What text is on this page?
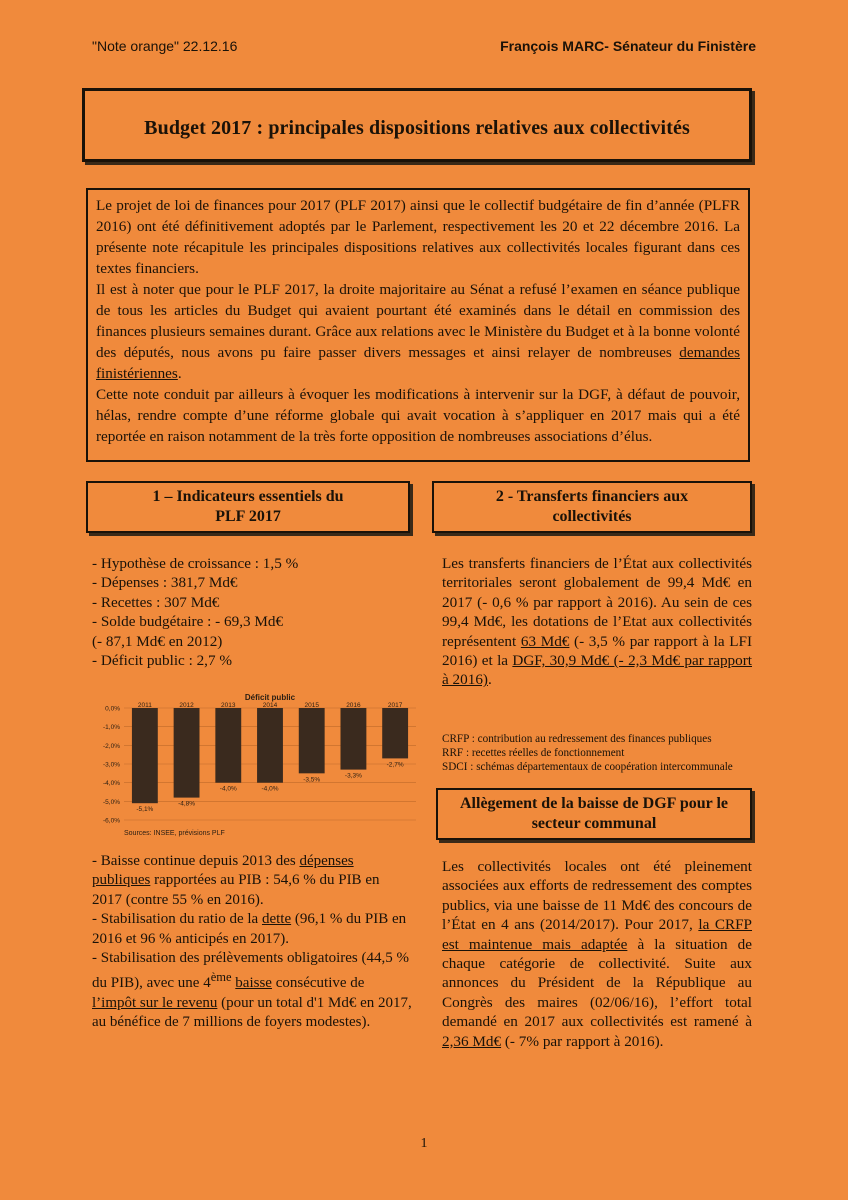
"Note orange" 22.12.16	François MARC- Sénateur du Finistère
Budget 2017 : principales dispositions relatives aux collectivités

Le projet de loi de finances pour 2017 (PLF 2017) ainsi que le collectif budgétaire de fin d’année (PLFR 2016) ont été définitivement adoptés par le Parlement, respectivement les 20 et 22 décembre 2016. La présente note récapitule les principales dispositions relatives aux collectivités locales figurant dans ces textes financiers.

Il est à noter que pour le PLF 2017, la droite majoritaire au Sénat a refusé l’examen en séance publique de tous les articles du Budget qui avaient pourtant été examinés dans le détail en commission des finances plusieurs semaines durant. Grâce aux relations avec le Ministère du Budget et à la bonne volonté des députés, nous avons pu faire passer divers messages et ainsi relayer de nombreuses demandes finistériennes.

Cette note conduit par ailleurs à évoquer les modifications à intervenir sur la DGF, à défaut de pouvoir, hélas, rendre compte d’une réforme globale qui avait vocation à s’appliquer en 2017 mais qui a été reportée en raison notamment de la très forte opposition de nombreuses associations d’élus.

1 – Indicateurs essentiels du
PLF 2017
2 - Transferts financiers aux
collectivités
- Hypothèse de croissance : 1,5 %
- Dépenses : 381,7 Md€
- Recettes : 307 Md€
- Solde budgétaire : - 69,3 Md€
(- 87,1 Md€ en 2012)
- Déficit public : 2,7 %
Déficit public
0,0%
-1,0%
-2,0%
-3,0%
-4,0%
-5,0%
-6,0%
2011
-5,1%
2012
-4,8%
2013
-4,0%
2014
-4,0%
2015
-3,5%
2016
-3,3%
2017
-2,7%
Sources: INSEE, prévisions PLF
Les transferts financiers de l’État aux collectivités territoriales seront globalement de 99,4 Md€ en 2017 (- 0,6 % par rapport à 2016). Au sein de ces 99,4 Md€, les dotations de l’Etat aux collectivités représentent 63 Md€ (- 3,5 % par rapport à la LFI 2016) et la DGF, 30,9 Md€ (- 2,3 Md€ par rapport à 2016).
CRFP : contribution au redressement des finances publiques
RRF : recettes réelles de fonctionnement
SDCI : schémas départementaux de coopération intercommunale
Allègement de la baisse de DGF pour le
secteur communal

- Baisse continue depuis 2013 des dépenses publiques rapportées au PIB : 54,6 % du PIB en 2017 (contre 55 % en 2016).

- Stabilisation du ratio de la dette (96,1 % du PIB en 2016 et 96 % anticipés en 2017).

- Stabilisation des prélèvements obligatoires (44,5 % du PIB), avec une 4ème baisse consécutive de l’impôt sur le revenu (pour un total d'1 Md€ en 2017, au bénéfice de 7 millions de foyers modestes).

Les collectivités locales ont été pleinement associées aux efforts de redressement des comptes publics, via une baisse de 11 Md€ des concours de l’État en 4 ans (2014/2017). Pour 2017, la CRFP est maintenue mais adaptée à la situation de chaque catégorie de collectivité. Suite aux annonces du Président de la République au Congrès des maires (02/06/16), l’effort total demandé en 2017 aux collectivités est ramené à 2,36 Md€ (- 7% par rapport à 2016).
1
